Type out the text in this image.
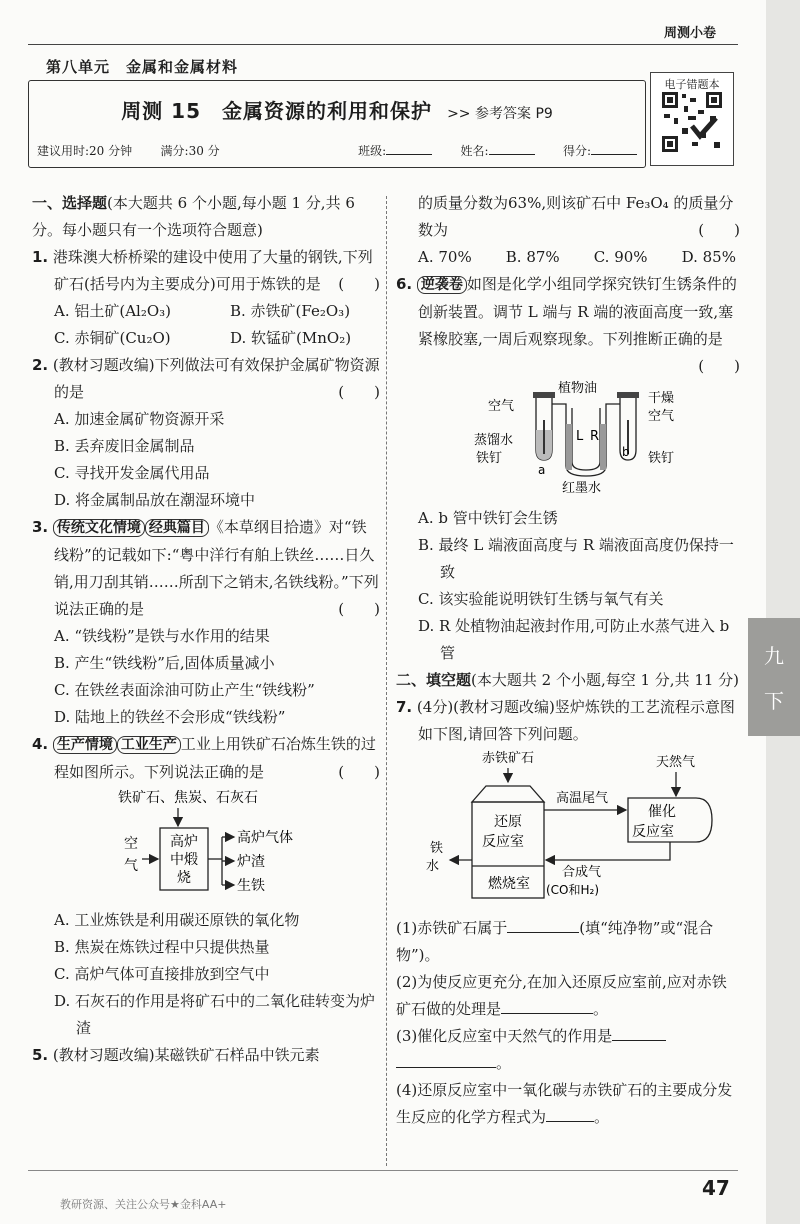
周测小卷
第八单元 金属和金属材料
周测 15　金属资源的利用和保护 >> 参考答案 P9
建议用时:20 分钟 满分:30 分	班级:	姓名:	得分:
电子错题本

一、选择题(本大题共 6 个小题,每小题 1 分,共 6 分。每小题只有一个选项符合题意)

1. 港珠澳大桥桥梁的建设中使用了大量的钢铁,下列矿石(括号内为主要成分)可用于炼铁的是 (　　)

A. 铝土矿(Al₂O₃)	B. 赤铁矿(Fe₂O₃)

C. 赤铜矿(Cu₂O)	D. 软锰矿(MnO₂)

2. (教材习题改编)下列做法可有效保护金属矿物资源的是	(　　)

A. 加速金属矿物资源开采

B. 丢弃废旧金属制品

C. 寻找开发金属代用品

D. 将金属制品放在潮湿环境中

3. 传统文化情境 经典篇目 《本草纲目拾遗》对“铁线粉”的记载如下:“粤中洋行有舶上铁丝……日久销,用刀刮其销……所刮下之销末,名铁线粉。”下列说法正确的是	(　　)

A. “铁线粉”是铁与水作用的结果

B. 产生“铁线粉”后,固体质量减小

C. 在铁丝表面涂油可防止产生“铁线粉”

D. 陆地上的铁丝不会形成“铁线粉”

4. 生产情境 工业生产 工业上用铁矿石冶炼生铁的过程如图所示。下列说法正确的是	(　　)

铁矿石、焦炭、石灰石
高炉
中煅
烧
空
气
高炉气体
炉渣
生铁

A. 工业炼铁是利用碳还原铁的氧化物

B. 焦炭在炼铁过程中只提供热量

C. 高炉气体可直接排放到空气中

D. 石灰石的作用是将矿石中的二氧化硅转变为炉渣

5. (教材习题改编)某磁铁矿石样品中铁元素

的质量分数为63%,则该矿石中 Fe₃O₄ 的质量分数为	(　　)

A. 70% B. 87% C. 90% D. 85%

6. 逆袭卷 如图是化学小组同学探究铁钉生锈条件的创新装置。调节 L 端与 R 端的液面高度一致,塞紧橡胶塞,一周后观察现象。下列推断正确的是
(　　)

空气
植物油
干燥
空气
蒸馏水
铁钉	铁钉
L R
a
b
红墨水

A. b 管中铁钉会生锈

B. 最终 L 端液面高度与 R 端液面高度仍保持一致

C. 该实验能说明铁钉生锈与氧气有关

D. R 处植物油起液封作用,可防止水蒸气进入 b 管

二、填空题(本大题共 2 个小题,每空 1 分,共 11 分)

7. (4分)(教材习题改编)竖炉炼铁的工艺流程示意图如下图,请回答下列问题。

赤铁矿石
还原
反应室
燃烧室
天然气
催化
反应室
高温尾气
合成气
(CO和H₂)
铁
水

(1)赤铁矿石属于	(填“纯净物”或“混合物”)。

(2)为使反应更充分,在加入还原反应室前,应对赤铁矿石做的处理是	。

(3)催化反应室中天然气的作用是
。

(4)还原反应室中一氧化碳与赤铁矿石的主要成分发生反应的化学方程式为	。

教研资源、关注公众号★金科AA+
47
九
下
